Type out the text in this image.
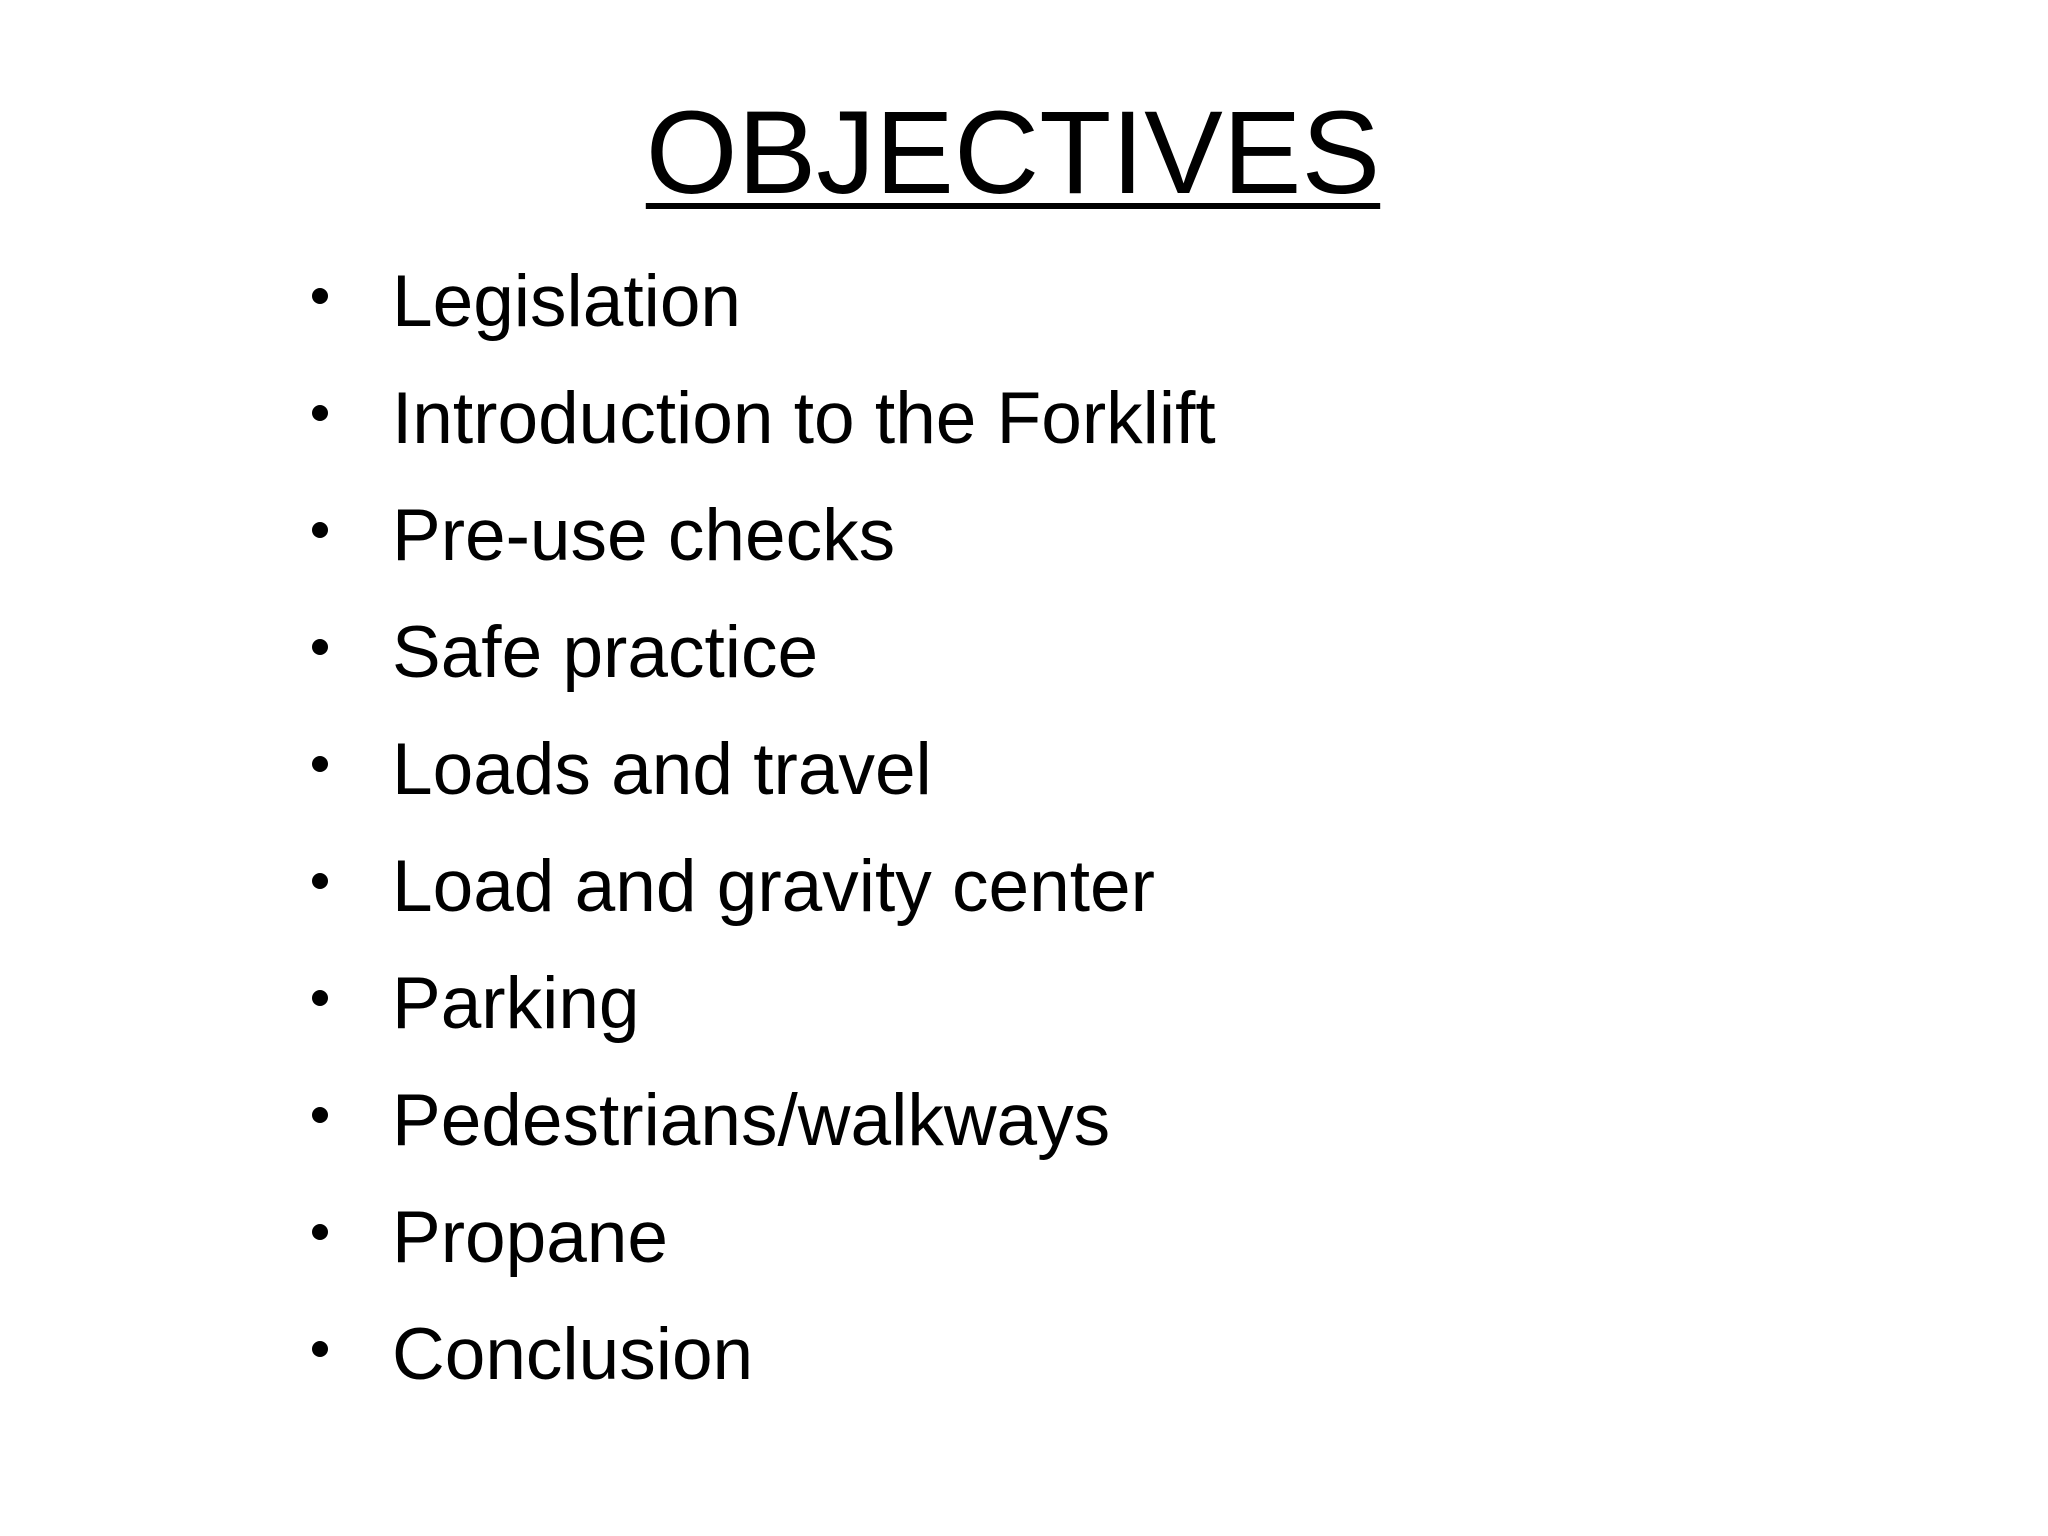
OBJECTIVES
Legislation
Introduction to the Forklift
Pre-use checks
Safe practice
Loads and travel
Load and gravity center
Parking
Pedestrians/walkways
Propane
Conclusion
